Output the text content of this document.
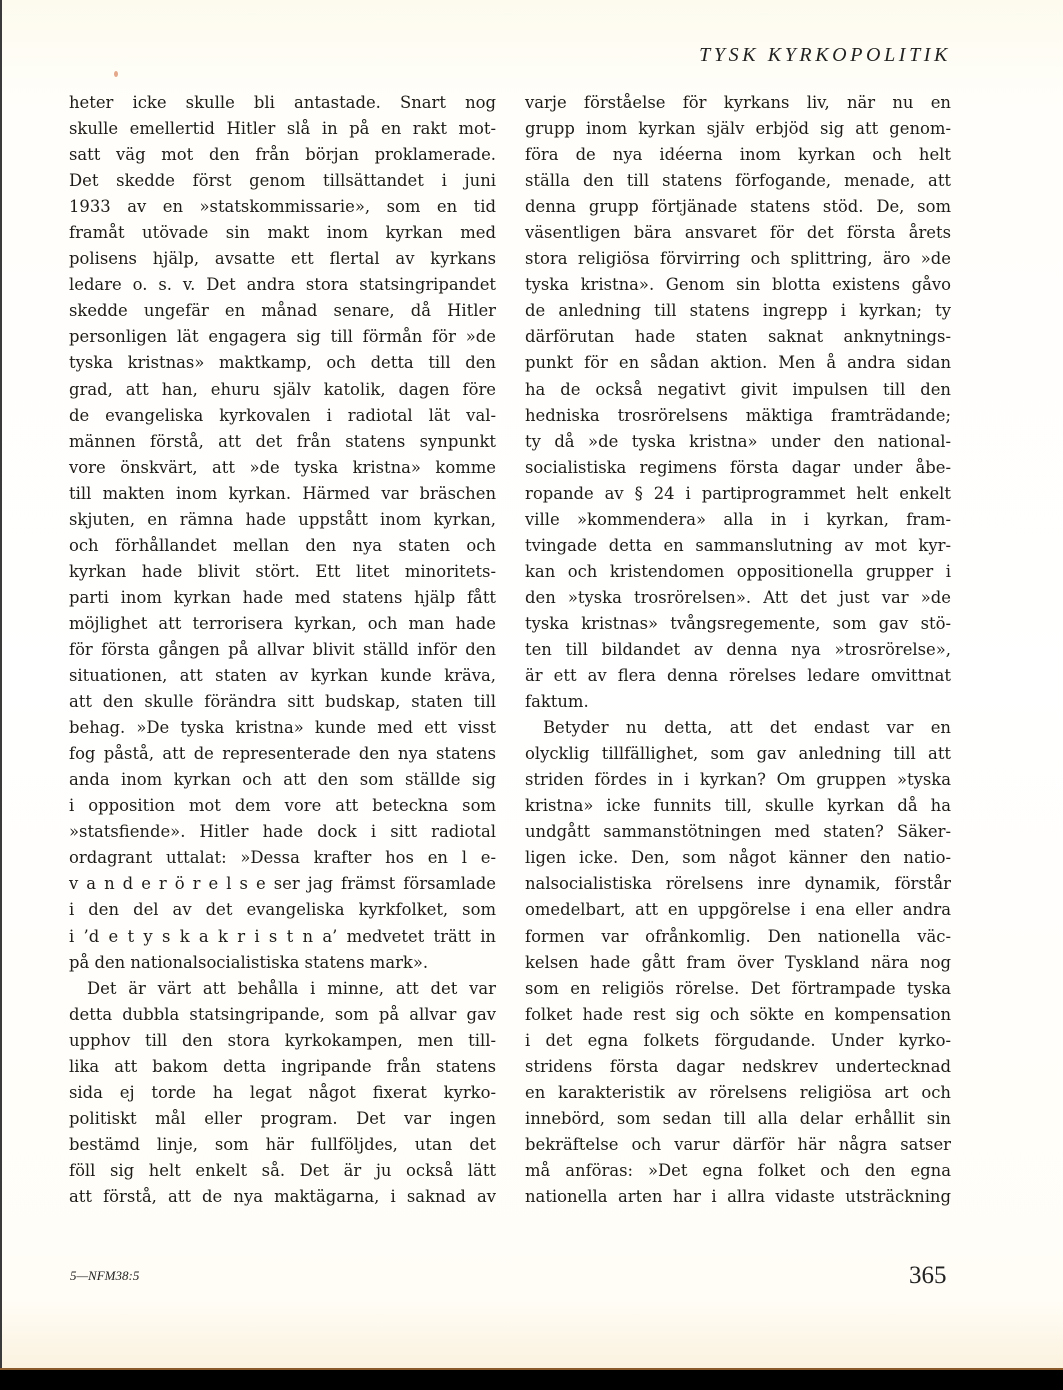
TYSK KYRKOPOLITIK
heter icke skulle bli antastade. Snart nog
skulle emellertid Hitler slå in på en rakt mot-
satt väg mot den från början proklamerade.
Det skedde först genom tillsättandet i juni
1933 av en »statskommissarie», som en tid
framåt utövade sin makt inom kyrkan med
polisens hjälp, avsatte ett flertal av kyrkans
ledare o. s. v. Det andra stora statsingripandet
skedde ungefär en månad senare, då Hitler
personligen lät engagera sig till förmån för »de
tyska kristnas» maktkamp, och detta till den
grad, att han, ehuru själv katolik, dagen före
de evangeliska kyrkovalen i radiotal lät val-
männen förstå, att det från statens synpunkt
vore önskvärt, att »de tyska kristna» komme
till makten inom kyrkan. Härmed var bräschen
skjuten, en rämna hade uppstått inom kyrkan,
och förhållandet mellan den nya staten och
kyrkan hade blivit stört. Ett litet minoritets-
parti inom kyrkan hade med statens hjälp fått
möjlighet att terrorisera kyrkan, och man hade
för första gången på allvar blivit ställd inför den
situationen, att staten av kyrkan kunde kräva,
att den skulle förändra sitt budskap, staten till
behag. »De tyska kristna» kunde med ett visst
fog påstå, att de representerade den nya statens
anda inom kyrkan och att den som ställde sig
i opposition mot dem vore att beteckna som
»statsfiende». Hitler hade dock i sitt radiotal
ordagrant uttalat: »Dessa krafter hos en l e-
v a n d e r ö r e l s e ser jag främst församlade
i den del av det evangeliska kyrkfolket, som
i ’d e t y s k a k r i s t n a’ medvetet trätt in
på den nationalsocialistiska statens mark».
Det är värt att behålla i minne, att det var
detta dubbla statsingripande, som på allvar gav
upphov till den stora kyrkokampen, men till-
lika att bakom detta ingripande från statens
sida ej torde ha legat något fixerat kyrko-
politiskt mål eller program. Det var ingen
bestämd linje, som här fullföljdes, utan det
föll sig helt enkelt så. Det är ju också lätt
att förstå, att de nya maktägarna, i saknad av
varje förståelse för kyrkans liv, när nu en
grupp inom kyrkan själv erbjöd sig att genom-
föra de nya idéerna inom kyrkan och helt
ställa den till statens förfogande, menade, att
denna grupp förtjänade statens stöd. De, som
väsentligen bära ansvaret för det första årets
stora religiösa förvirring och splittring, äro »de
tyska kristna». Genom sin blotta existens gåvo
de anledning till statens ingrepp i kyrkan; ty
därförutan hade staten saknat anknytnings-
punkt för en sådan aktion. Men å andra sidan
ha de också negativt givit impulsen till den
hedniska trosrörelsens mäktiga framträdande;
ty då »de tyska kristna» under den national-
socialistiska regimens första dagar under åbe-
ropande av § 24 i partiprogrammet helt enkelt
ville »kommendera» alla in i kyrkan, fram-
tvingade detta en sammanslutning av mot kyr-
kan och kristendomen oppositionella grupper i
den »tyska trosrörelsen». Att det just var »de
tyska kristnas» tvångsregemente, som gav stö-
ten till bildandet av denna nya »trosrörelse»,
är ett av flera denna rörelses ledare omvittnat
faktum.
Betyder nu detta, att det endast var en
olycklig tillfällighet, som gav anledning till att
striden fördes in i kyrkan? Om gruppen »tyska
kristna» icke funnits till, skulle kyrkan då ha
undgått sammanstötningen med staten? Säker-
ligen icke. Den, som något känner den natio-
nalsocialistiska rörelsens inre dynamik, förstår
omedelbart, att en uppgörelse i ena eller andra
formen var ofrånkomlig. Den nationella väc-
kelsen hade gått fram över Tyskland nära nog
som en religiös rörelse. Det förtrampade tyska
folket hade rest sig och sökte en kompensation
i det egna folkets förgudande. Under kyrko-
stridens första dagar nedskrev undertecknad
en karakteristik av rörelsens religiösa art och
innebörd, som sedan till alla delar erhållit sin
bekräftelse och varur därför här några satser
må anföras: »Det egna folket och den egna
nationella arten har i allra vidaste utsträckning
5—NFM38:5	365
